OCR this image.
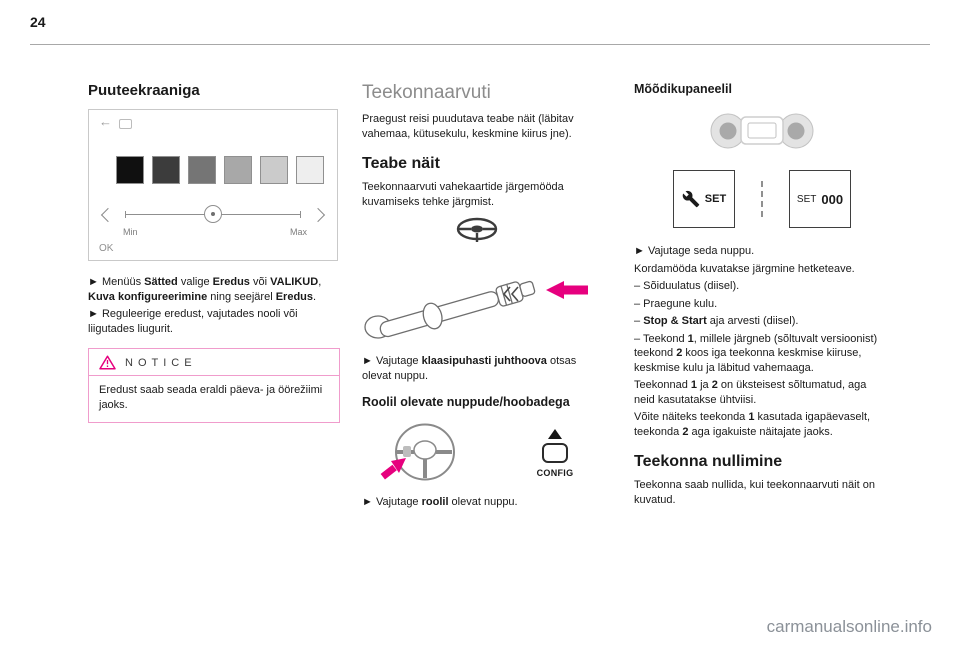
24
Puuteekraaniga
←
Min	Max
OK

► Menüüs Sätted valige Eredus või VALIKUD, Kuva konfigureerimine ning seejärel Eredus.

► Reguleerige eredust, vajutades nooli või liigutades liugurit.

NOTICE
Eredust saab seada eraldi päeva- ja öörežiimi jaoks.
Teekonnaarvuti

Praegust reisi puudutava teabe näit (läbitav vahemaa, kütusekulu, keskmine kiirus jne).

Teabe näit

Teekonnaarvuti vahekaartide järgemööda kuvamiseks tehke järgmist.

► Vajutage klaasipuhasti juhthoova otsas olevat nuppu.

Roolil olevate nuppude/hoobadega
CONFIG

► Vajutage roolil olevat nuppu.

Mõõdikupaneelil
SET	SET 000

► Vajutage seda nuppu.

Kordamööda kuvatakse järgmine hetketeave.

– Sõiduulatus (diisel).

– Praegune kulu.

– Stop & Start aja arvesti (diisel).

– Teekond 1, millele järgneb (sõltuvalt versioonist) teekond 2 koos iga teekonna keskmise kiiruse, keskmise kulu ja läbitud vahemaaga.

Teekonnad 1 ja 2 on üksteisest sõltumatud, aga neid kasutatakse ühtviisi.

Võite näiteks teekonda 1 kasutada igapäevaselt, teekonda 2 aga igakuiste näitajate jaoks.

Teekonna nullimine

Teekonna saab nullida, kui teekonnaarvuti näit on kuvatud.

carmanualsonline.info
